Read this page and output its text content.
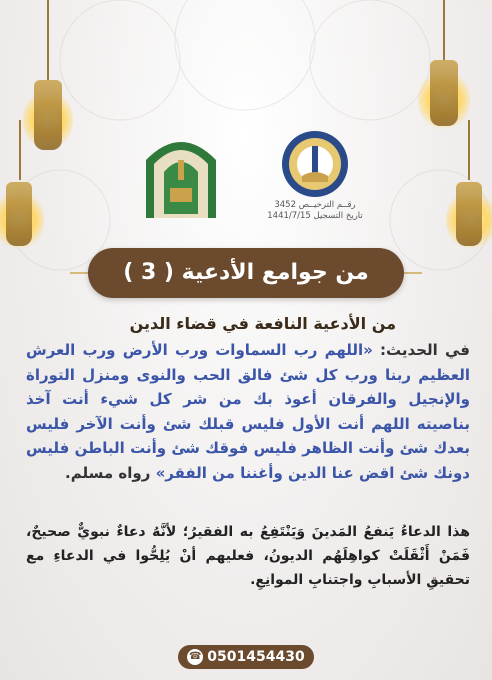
رقــم الترخيــص 3452
تاريخ التسجيل 1441/7/15
من جوامع الأدعية ( 3 )
من الأدعية النافعة في قضاء الدين
في الحديث: «اللهم رب السماوات ورب الأرض ورب العرش العظيم ربنا ورب كل شئ فالق الحب والنوى ومنزل التوراة والإنجيل والفرقان أعوذ بك من شر كل شيء أنت آخذ بناصيته اللهم أنت الأول فليس قبلك شئ وأنت الآخر فليس بعدك شئ وأنت الظاهر فليس فوقك شئ وأنت الباطن فليس دونك شئ اقض عنا الدين وأغننا من الفقر» رواه مسلم.
هذا الدعاءُ يَنفعُ المَدينَ وَيَنْتَفِعُ به الفقيرُ؛ لأنَّهُ دعاءٌ نبويٌّ صحيحٌ، فَمَنْ أَثْقَلَتْ كواهِلَهُم الديونُ، فعليهم أنْ يُلِحُّوا في الدعاءِ مع تحقيقِ الأسبابِ واجتنابِ الموانِعِ.
☎ 0501454430
